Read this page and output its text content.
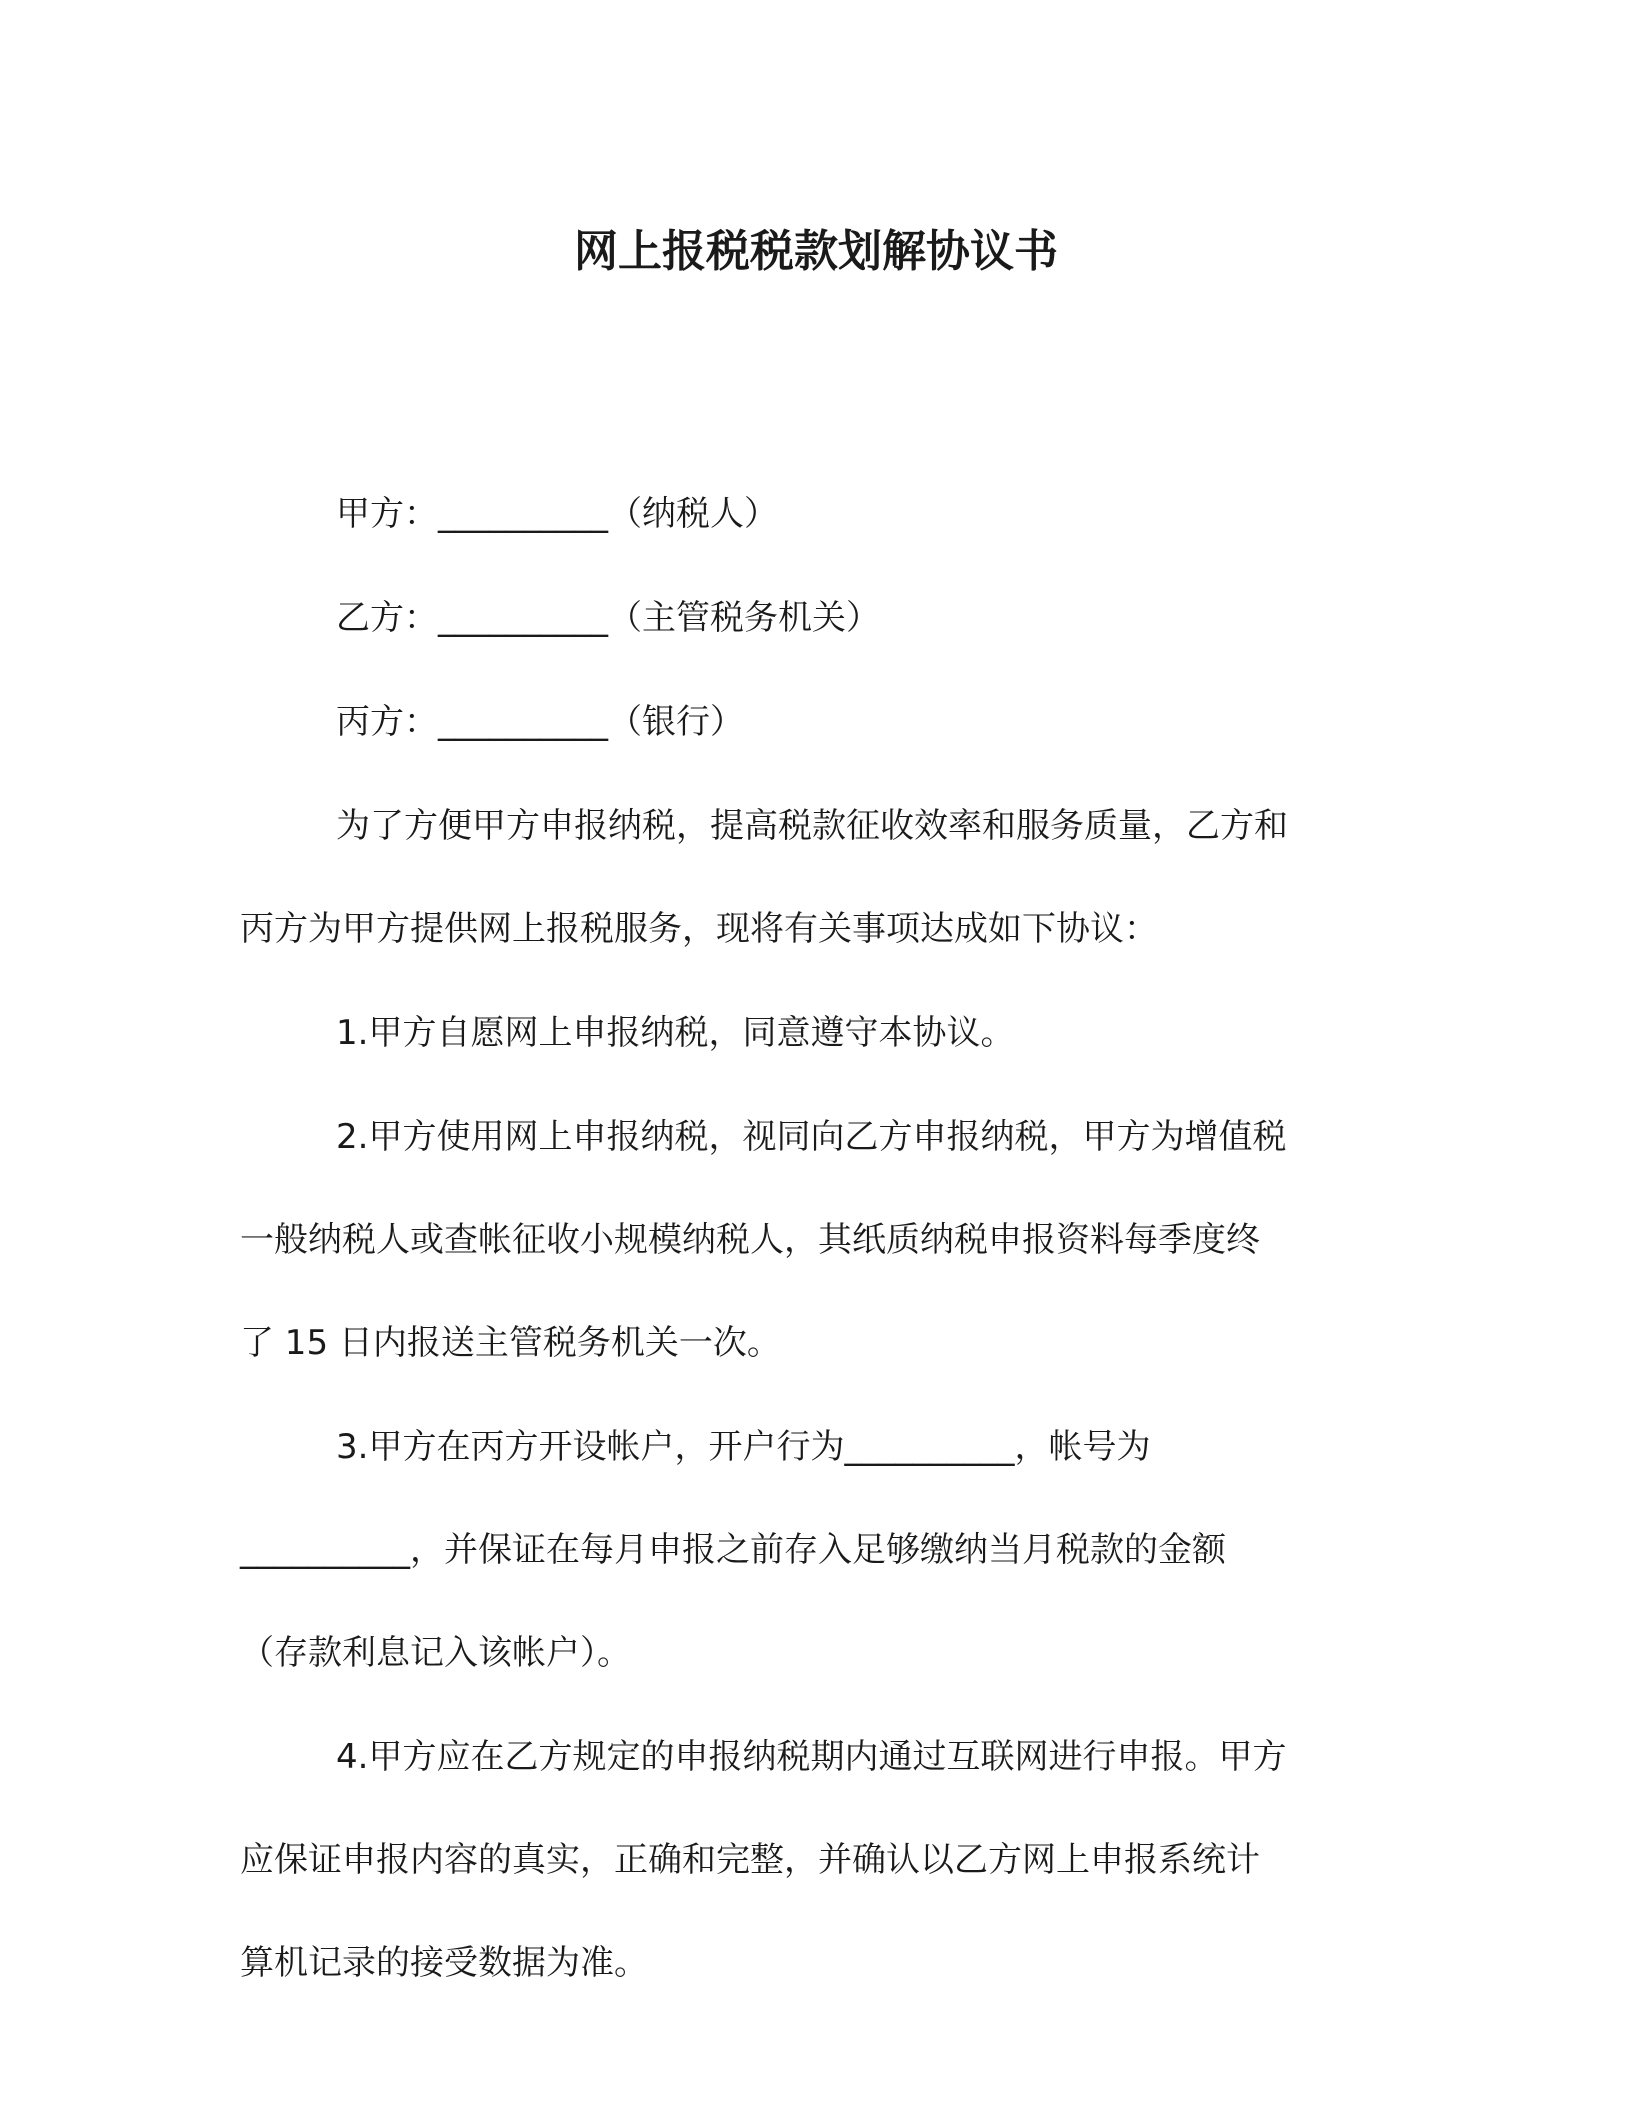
网上报税税款划解协议书
甲方：__________（纳税人）
乙方：__________（主管税务机关）
丙方：__________（银行）
为了方便甲方申报纳税，提高税款征收效率和服务质量，乙方和
丙方为甲方提供网上报税服务，现将有关事项达成如下协议：
1.甲方自愿网上申报纳税，同意遵守本协议。
2.甲方使用网上申报纳税，视同向乙方申报纳税，甲方为增值税
一般纳税人或查帐征收小规模纳税人，其纸质纳税申报资料每季度终
了 15 日内报送主管税务机关一次。
3.甲方在丙方开设帐户，开户行为__________，帐号为
__________，并保证在每月申报之前存入足够缴纳当月税款的金额
（存款利息记入该帐户）。
4.甲方应在乙方规定的申报纳税期内通过互联网进行申报。甲方
应保证申报内容的真实，正确和完整，并确认以乙方网上申报系统计
算机记录的接受数据为准。
